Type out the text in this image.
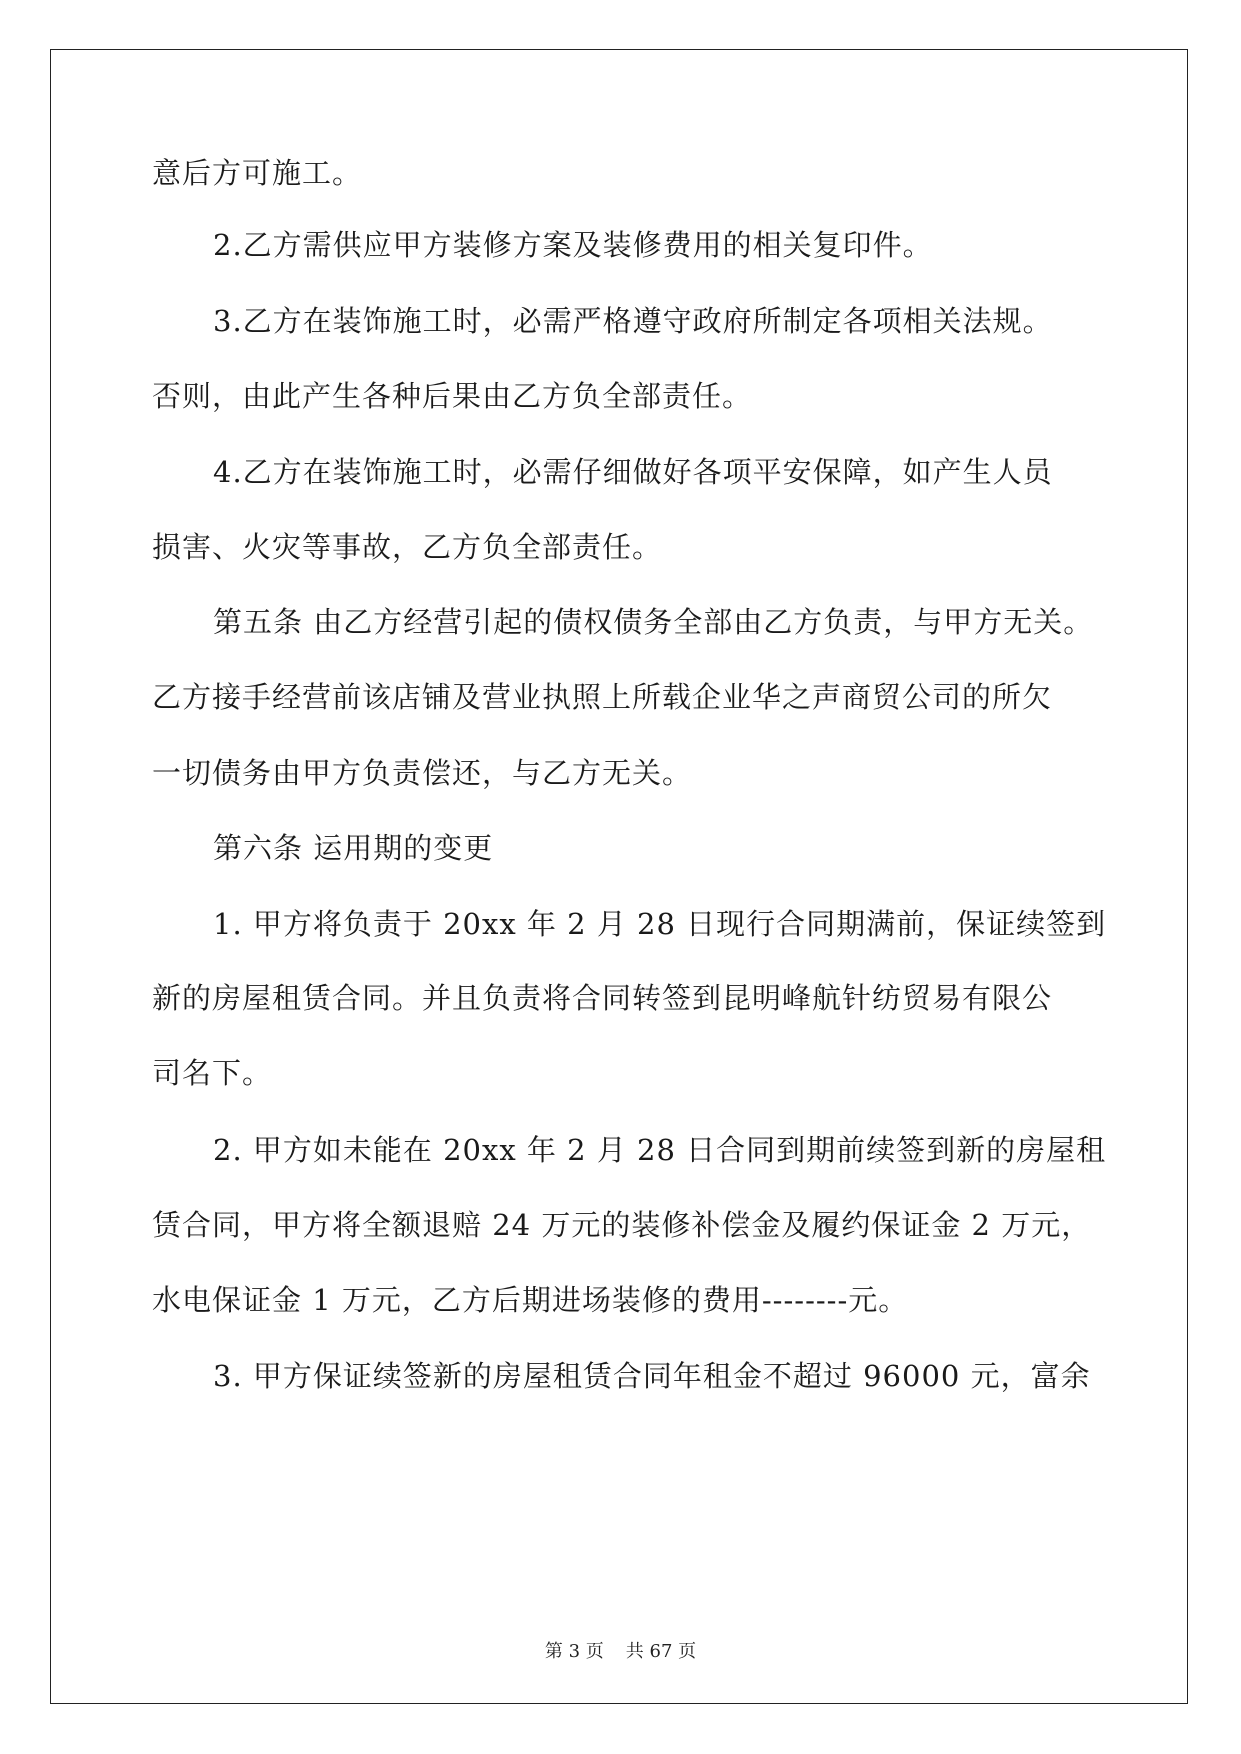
意后方可施工。
2.乙方需供应甲方装修方案及装修费用的相关复印件。
3.乙方在装饰施工时，必需严格遵守政府所制定各项相关法规。
否则，由此产生各种后果由乙方负全部责任。
4.乙方在装饰施工时，必需仔细做好各项平安保障，如产生人员
损害、火灾等事故，乙方负全部责任。
第五条 由乙方经营引起的债权债务全部由乙方负责，与甲方无关。
乙方接手经营前该店铺及营业执照上所载企业华之声商贸公司的所欠
一切债务由甲方负责偿还，与乙方无关。
第六条 运用期的变更
1. 甲方将负责于 20xx 年 2 月 28 日现行合同期满前，保证续签到
新的房屋租赁合同。并且负责将合同转签到昆明峰航针纺贸易有限公
司名下。
2. 甲方如未能在 20xx 年 2 月 28 日合同到期前续签到新的房屋租
赁合同，甲方将全额退赔 24 万元的装修补偿金及履约保证金 2 万元，
水电保证金 1 万元，乙方后期进场装修的费用--------元。
3. 甲方保证续签新的房屋租赁合同年租金不超过 96000 元，富余
第 3 页 共 67 页
